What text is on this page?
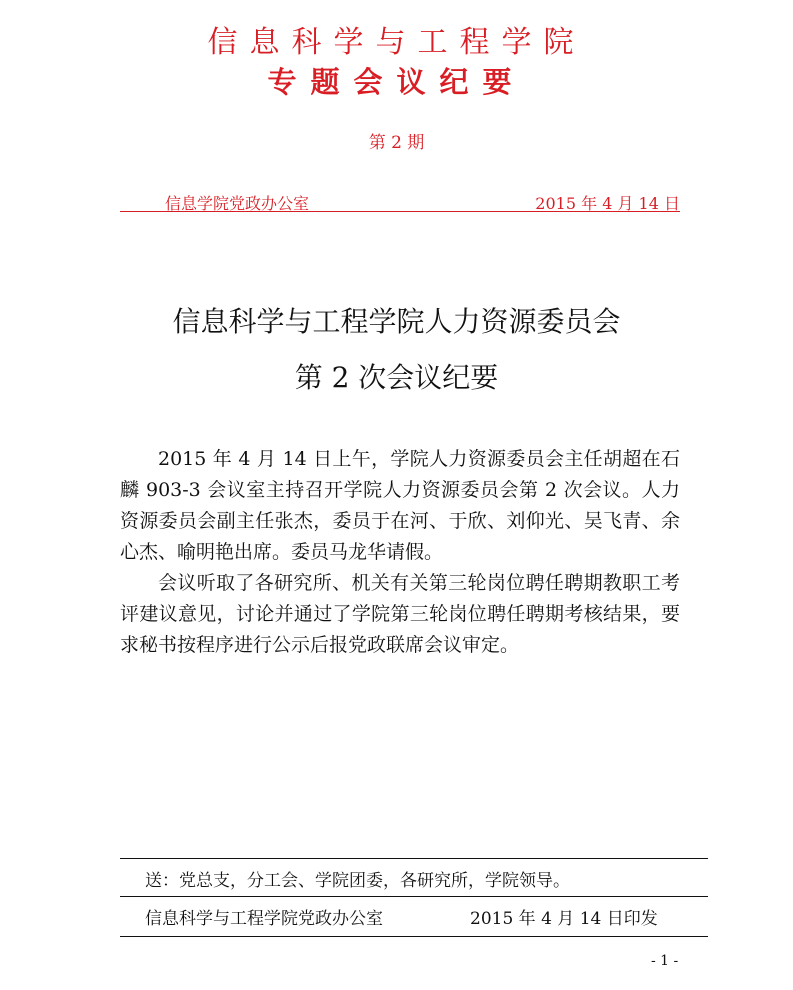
信息科学与工程学院
专题会议纪要
第 2 期
信息学院党政办公室	2015 年 4 月 14 日
信息科学与工程学院人力资源委员会
第 2 次会议纪要

2015 年 4 月 14 日上午，学院人力资源委员会主任胡超在石麟 903-3 会议室主持召开学院人力资源委员会第 2 次会议。人力资源委员会副主任张杰，委员于在河、于欣、刘仰光、吴飞青、余心杰、喻明艳出席。委员马龙华请假。

会议听取了各研究所、机关有关第三轮岗位聘任聘期教职工考评建议意见，讨论并通过了学院第三轮岗位聘任聘期考核结果，要求秘书按程序进行公示后报党政联席会议审定。

送：党总支，分工会、学院团委，各研究所，学院领导。
信息科学与工程学院党政办公室	2015 年 4 月 14 日印发
- 1 -
